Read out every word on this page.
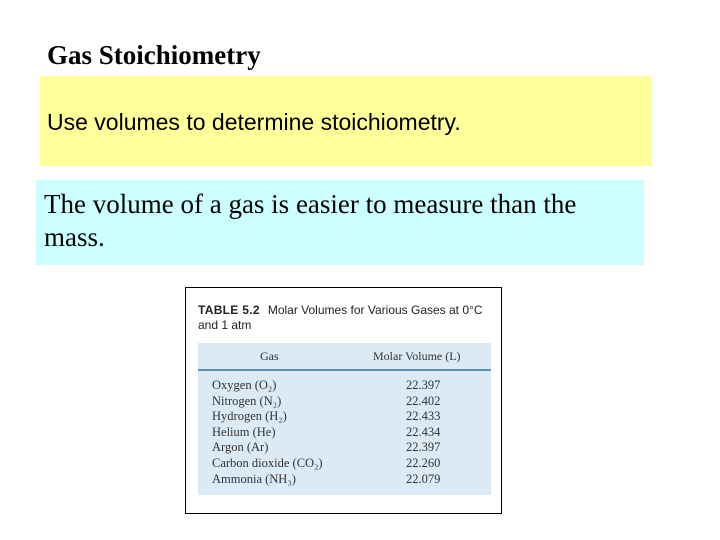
Gas Stoichiometry
Use volumes to determine stoichiometry.
The volume of a gas is easier to measure than the mass.
TABLE 5.2 Molar Volumes for Various Gases at 0°C and 1 atm
Gas	Molar Volume (L)
Oxygen (O₂)	22.397
Nitrogen (N₂)	22.402
Hydrogen (H₂)	22.433
Helium (He)	22.434
Argon (Ar)	22.397
Carbon dioxide (CO₂)	22.260
Ammonia (NH₃)	22.079
